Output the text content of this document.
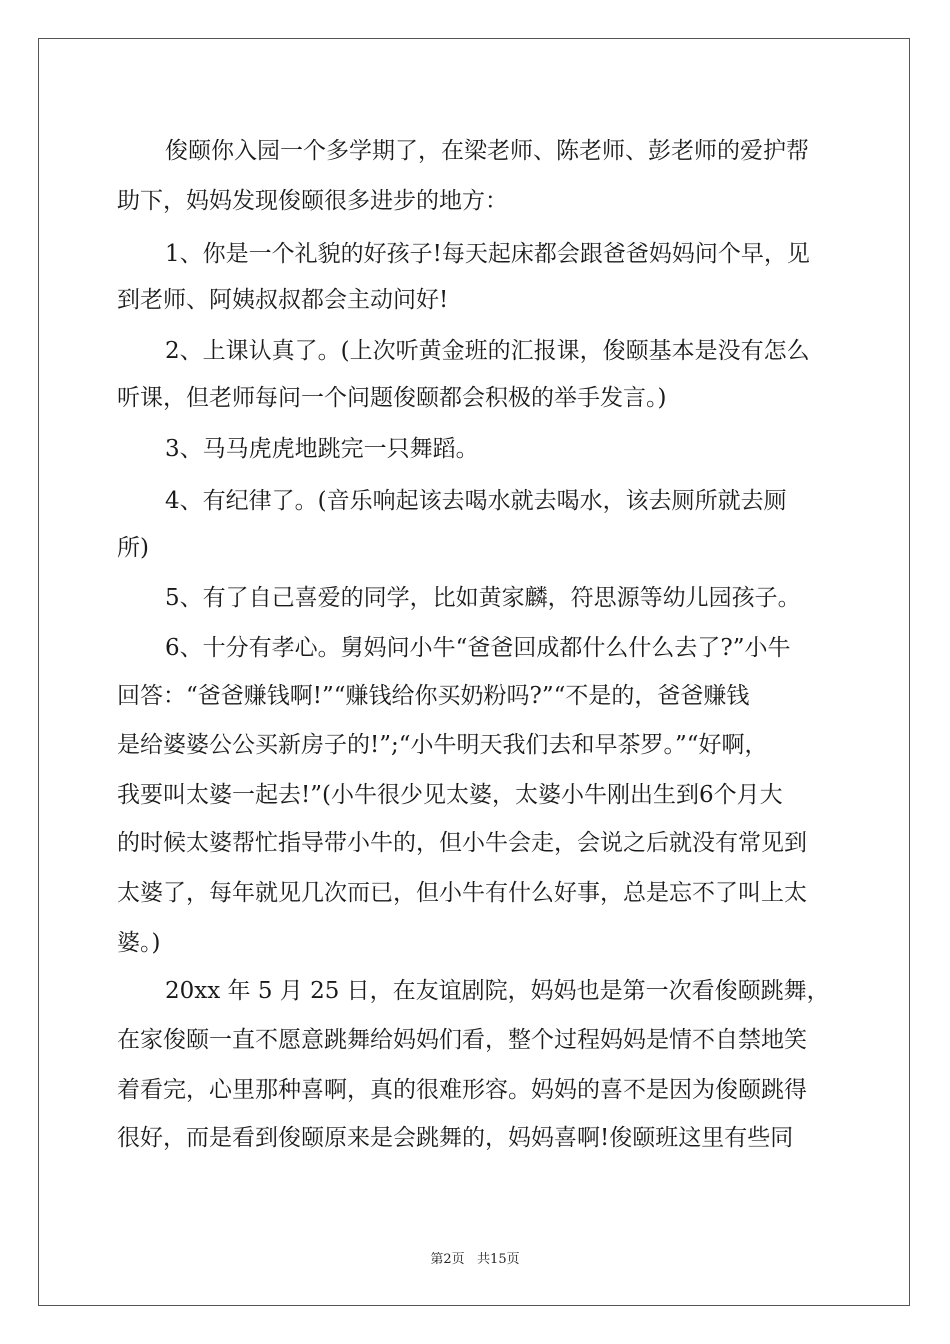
俊颐你入园一个多学期了，在梁老师、陈老师、彭老师的爱护帮
助下，妈妈发现俊颐很多进步的地方：
1、你是一个礼貌的好孩子!每天起床都会跟爸爸妈妈问个早，见
到老师、阿姨叔叔都会主动问好!
2、上课认真了。(上次听黄金班的汇报课，俊颐基本是没有怎么
听课，但老师每问一个问题俊颐都会积极的举手发言。)
3、马马虎虎地跳完一只舞蹈。
4、有纪律了。(音乐响起该去喝水就去喝水，该去厕所就去厕
所)
5、有了自己喜爱的同学，比如黄家麟，符思源等幼儿园孩子。
6、十分有孝心。舅妈问小牛“爸爸回成都什么什么去了?”小牛
回答：“爸爸赚钱啊!”“赚钱给你买奶粉吗?”“不是的，爸爸赚钱
是给婆婆公公买新房子的!”;“小牛明天我们去和早茶罗。”“好啊，
我要叫太婆一起去!”(小牛很少见太婆，太婆小牛刚出生到6个月大
的时候太婆帮忙指导带小牛的，但小牛会走，会说之后就没有常见到
太婆了，每年就见几次而已，但小牛有什么好事，总是忘不了叫上太
婆。)
20xx 年 5 月 25 日，在友谊剧院，妈妈也是第一次看俊颐跳舞，
在家俊颐一直不愿意跳舞给妈妈们看，整个过程妈妈是情不自禁地笑
着看完，心里那种喜啊，真的很难形容。妈妈的喜不是因为俊颐跳得
很好，而是看到俊颐原来是会跳舞的，妈妈喜啊!俊颐班这里有些同
第2页   共15页
